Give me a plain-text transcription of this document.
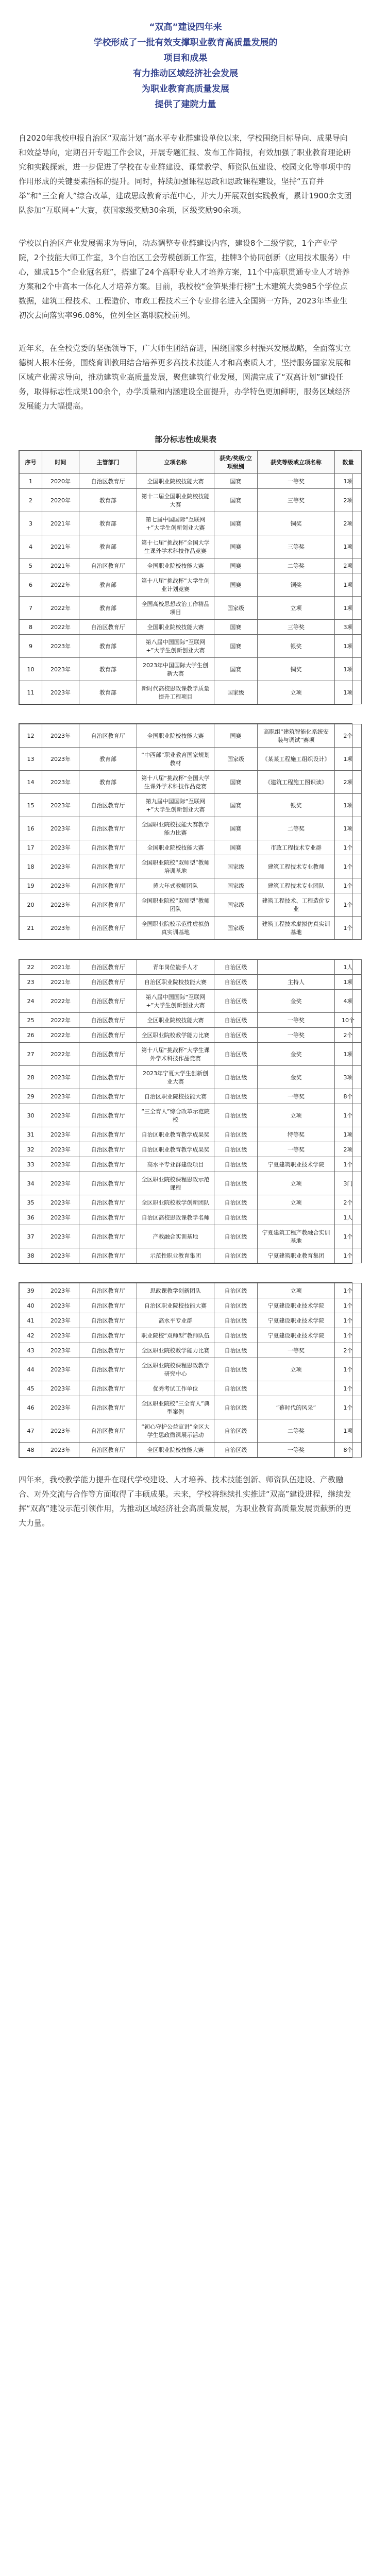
“双高”建设四年来
学校形成了一批有效支撑职业教育高质量发展的
项目和成果
有力推动区域经济社会发展
为职业教育高质量发展
提供了建院力量

自2020年我校申报自治区“双高计划”高水平专业群建设单位以来，学校围绕目标导向、成果导向和效益导向，定期召开专题工作会议，开展专题汇报、发布工作简报，有效加强了职业教育理论研究和实践探索，进一步促进了学校在专业群建设、课堂教学、师资队伍建设、校园文化等事项中的作用形成的关键要素指标的提升。同时，持续加强课程思政和思政课程建设，坚持“五育并举”和“三全育人”综合改革，建成思政教育示范中心，并大力开展双创实践教育，累计1900余支团队参加“互联网+”大赛，获国家级奖励30余项，区级奖励90余项。

学校以自治区产业发展需求为导向，动态调整专业群建设内容，建设8个二级学院，1个产业学院，2个技能大师工作室，3个自治区工会劳模创新工作室，挂牌3个协同创新（应用技术服务）中心，建成15个“企业冠名班”，搭建了24个高职专业人才培养方案，11个中高职贯通专业人才培养方案和2个中高本一体化人才培养方案。目前，我校校“金笋果排行榜”土木建筑大类985个学位点数据，建筑工程技术、工程造价、市政工程技术三个专业排名进入全国第一方阵，2023年毕业生初次去向落实率96.08%，位列全区高职院校前列。

近年来，在全校党委的坚强领导下，广大师生团结奋进，围绕国家乡村振兴发展战略，全面落实立德树人根本任务，围绕育训教用结合培养更多高技术技能人才和高素质人才，坚持服务国家发展和区域产业需求导向，推动建筑业高质量发展，聚焦建筑行业发展，圆满完成了“双高计划”建设任务，取得标志性成果100余个，办学质量和内涵建设全面提升，办学特色更加鲜明，服务区域经济发展能力大幅提高。

部分标志性成果表
序号	时间	主管部门	立项名称	获奖/奖级/立项级别	获奖等级或立项名称	数量
1	2020年	自治区教育厅	全国职业院校技能大赛	国赛	一等奖	1项
2	2020年	教育部	第十二届全国职业院校技能大赛	国赛	三等奖	2项
3	2021年	教育部	第七届中国国际“互联网+”大学生创新创业大赛	国赛	铜奖	2项
4	2021年	教育部	第十七届“挑战杯”全国大学生课外学术科技作品竞赛	国赛	三等奖	1项
5	2021年	自治区教育厅	全国职业院校技能大赛	国赛	二等奖	2项
6	2022年	教育部	第十八届“挑战杯”大学生创业计划竞赛	国赛	铜奖	1项
7	2022年	教育部	全国高校思想政治工作精品项目	国家级	立项	1项
8	2022年	自治区教育厅	全国职业院校技能大赛	国赛	三等奖	3项
9	2023年	教育部	第八届中国国际“互联网+”大学生创新创业大赛	国赛	银奖	1项
10	2023年	教育部	2023年中国国际大学生创新大赛	国赛	铜奖	1项
11	2023年	教育部	新时代高校思政课教学质量提升工程项目	国家级	立项	1项
12	2023年	自治区教育厅	全国职业院校技能大赛	国赛	高职组“建筑智能化系统安装与调试”赛项	2个
13	2023年	教育部	“中西部”职业教育国家规划教材	国家级	《某某工程施工组织设计》	1项
14	2023年	教育部	第十八届“挑战杯”全国大学生课外学术科技作品竞赛	国赛	《建筑工程施工图识读》	2项
15	2023年	自治区教育厅	第九届中国国际“互联网+”大学生创新创业大赛	国赛	银奖	1项
16	2023年	自治区教育厅	全国职业院校技能大赛教学能力比赛	国赛	二等奖	1项
17	2023年	自治区教育厅	全国职业院校技能大赛	国赛	市政工程技术专业群	1个
18	2023年	自治区教育厅	全国职业院校“双师型”教师培训基地	国家级	建筑工程技术专业教师	1个
19	2023年	自治区教育厅	黄大年式教师团队	国家级	建筑工程技术专业团队	1个
20	2023年	自治区教育厅	全国职业院校“双师型”教师团队	国家级	建筑工程技术、工程造价专业	1个
21	2023年	自治区教育厅	全国职业院校示范性虚拟仿真实训基地	国家级	建筑工程技术虚拟仿真实训基地	1个
22	2021年	自治区教育厅	青年岗位能手人才	自治区级		1人
23	2021年	自治区教育厅	自治区职业院校技能大赛	自治区级	主持人	1项
24	2022年	自治区教育厅	第八届中国国际“互联网+”大学生创新创业大赛	自治区级	金奖	4项
25	2022年	自治区教育厅	全区职业院校技能大赛	自治区级	一等奖	10个
26	2022年	自治区教育厅	全区职业院校教学能力比赛	自治区级	一等奖	2个
27	2022年	自治区教育厅	第十八届“挑战杯”大学生课外学术科技作品竞赛	自治区级	金奖	1项
28	2023年	自治区教育厅	2023年宁夏大学生创新创业大赛	自治区级	金奖	3项
29	2023年	自治区教育厅	自治区职业院校技能大赛	自治区级	一等奖	8个
30	2023年	自治区教育厅	“三全育人”综合改革示范院校	自治区级	立项	1个
31	2023年	自治区教育厅	自治区职业教育教学成果奖	自治区级	特等奖	1项
32	2023年	自治区教育厅	自治区职业教育教学成果奖	自治区级	一等奖	2项
33	2023年	自治区教育厅	高水平专业群建设项目	自治区级	宁夏建筑职业技术学院	1个
34	2023年	自治区教育厅	全区职业院校课程思政示范课程	自治区级	立项	3门
35	2023年	自治区教育厅	全区职业院校教学创新团队	自治区级	立项	2个
36	2023年	自治区教育厅	自治区高校思政课教学名师	自治区级		1人
37	2023年	自治区教育厅	产教融合实训基地	自治区级	宁夏建筑工程产教融合实训基地	1个
38	2023年	自治区教育厅	示范性职业教育集团	自治区级	宁夏建筑职业教育集团	1个
39	2023年	自治区教育厅	思政课教学创新团队	自治区级	立项	1个
40	2023年	自治区教育厅	自治区职业院校技能大赛	自治区级	宁夏建设职业技术学院	1个
41	2023年	自治区教育厅	高水平专业群	自治区级	宁夏建设职业技术学院	1个
42	2023年	自治区教育厅	职业院校“双师型”教师队伍	自治区级	宁夏建设职业技术学院	1个
43	2023年	自治区教育厅	全区职业院校教学能力比赛	自治区级	一等奖	2个
44	2023年	自治区教育厅	全区职业院校课程思政教学研究中心	自治区级	立项	1个
45	2023年	自治区教育厅	优秀考试工作单位	自治区级		1个
46	2023年	自治区教育厅	全区职业院校“三全育人”典型案例	自治区级	“幕时代的风采”	1个
47	2023年	自治区教育厅	“初心守护公益宣讲”全区大学生思政微课展示活动	自治区级	二等奖	1项
48	2023年	自治区教育厅	全区职业院校技能大赛	自治区级	一等奖	8个
四年来，我校教学能力提升在现代学校建设、人才培养、技术技能创新、师资队伍建设、产教融合、对外交流与合作等方面取得了丰硕成果。未来，学校将继续扎实推进“双高”建设进程，继续发挥“双高”建设示范引领作用，为推动区域经济社会高质量发展，为职业教育高质量发展贡献新的更大力量。
